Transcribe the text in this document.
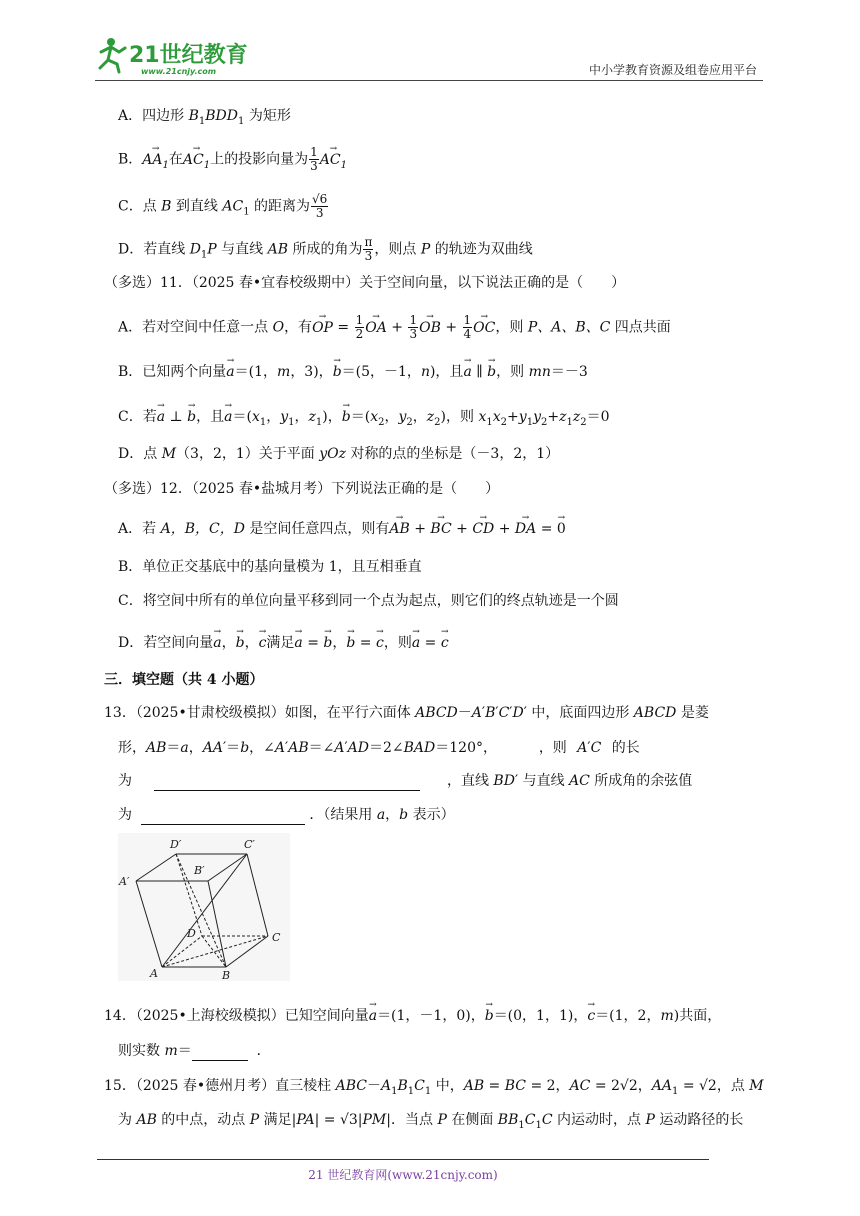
21世纪教育
www.21cnjy.com	中小学教育资源及组卷应用平台
A．四边形 $B_1BDD_1$ 为矩形
B．→ $AA_1$在→ $AC_1$上的投影向量为 $\frac{1}{3}$
→ $AC_1$
C．点 B 到直线 $AC_1$ 的距离为 $\frac{√6}{3}$
D．若直线 $D_1P$ 与直线 AB 所成的角为 $\frac{\pi}{3}$ ，则点 P 的轨迹为双曲线
（多选）11．（2025 春•宜春校级期中）关于空间向量，以下说法正确的是（　　）
A．若对空间中任意一点 O，有→ OP = $\frac{1}{2}$
→ OA + $\frac{1}{3}$
→ OB + $\frac{1}{4}$
→ OC，则 P、A、B、C 四点共面
B．已知两个向量→ a＝(1，m，3)，→ b＝(5，－1，n)，且→ a ∥ → b，则 mn＝－3
C．若→ a ⊥ → b，且→ $a=(x_1$，$y_1$，$z_1$)，→ $b=(x_2$，$y_2$，$z_2$)，则 $x_1x_2+y_1y_2+z_1z_2=0$
D．点 M（3，2，1）关于平面 yOz 对称的点的坐标是（－3，2，1）
（多选）12．（2025 春•盐城月考）下列说法正确的是（　　）
A．若 A，B，C，D 是空间任意四点，则有→ AB + → BC + → CD + → DA = → 0
B．单位正交基底中的基向量模为 1，且互相垂直
C．将空间中所有的单位向量平移到同一个点为起点，则它们的终点轨迹是一个圆
D．若空间向量→ a，→ b，→ c满足→ a = → b，→ b = → c，则→ a = → c
三．填空题（共 4 小题）
13．（2025•甘肃校级模拟）如图，在平行六面体 ABCD－A′B′C′D′ 中，底面四边形 ABCD 是菱
形，AB＝a，AA′＝b，∠A′AB＝∠A′AD＝2∠BAD＝120°，	，则 A′C 的长
为	，直线 BD′ 与直线 AC 所成角的余弦值
为	．（结果用 a，b 表示）
D′	C′
B′
A′
D	C
A	B
14．（2025•上海校级模拟）已知空间向量→ a＝(1，－1，0)，→ b＝(0，1，1)，→ c＝(1，2，m)共面，
则实数 m＝	．
15．（2025 春•德州月考）直三棱柱 $ABC-A_1B_1C_1$ 中，AB = BC = 2，AC = 2√2，$AA_1 = √2$，点 M
为 AB 的中点，动点 P 满足|PA| = √3|PM|．当点 P 在侧面 $BB_1C_1C$ 内运动时，点 P 运动路径的长
21 世纪教育网(www.21cnjy.com)
